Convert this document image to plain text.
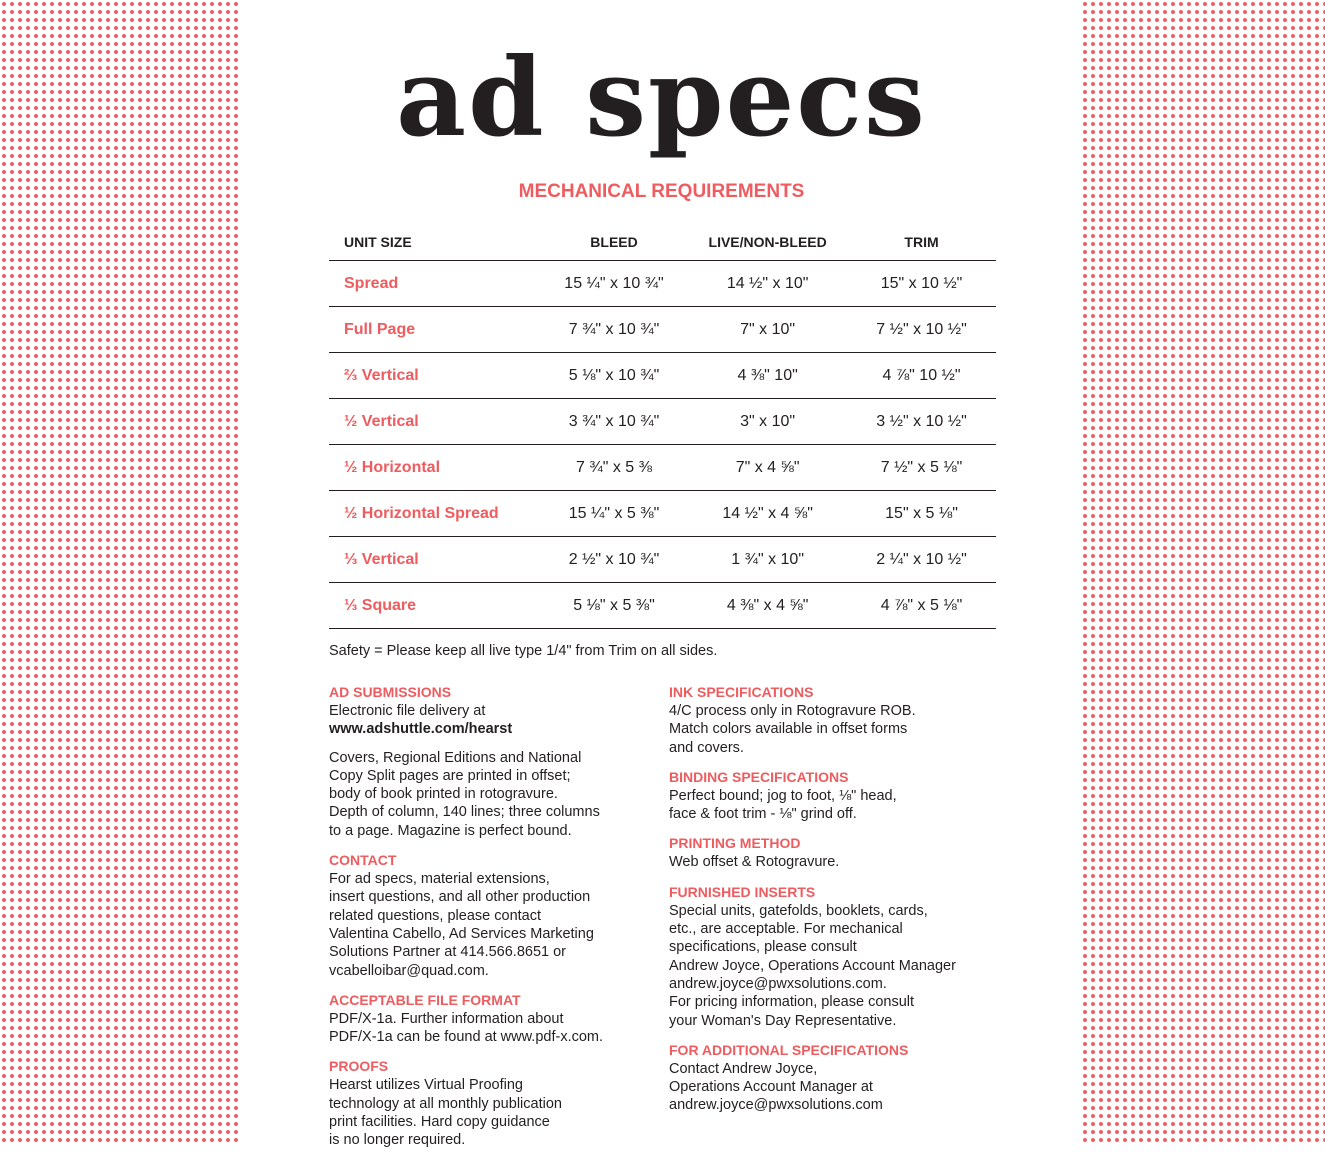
ad specs
MECHANICAL REQUIREMENTS
UNIT SIZE	BLEED	LIVE/NON-BLEED	TRIM
Spread	15 ¼" x 10 ¾"	14 ½" x 10"	15" x 10 ½"
Full Page	7 ¾" x 10 ¾"	7" x 10"	7 ½" x 10 ½"
⅔ Vertical	5 ⅛" x 10 ¾"	4 ⅜" 10"	4 ⅞" 10 ½"
½ Vertical	3 ¾" x 10 ¾"	3" x 10"	3 ½" x 10 ½"
½ Horizontal	7 ¾" x 5 ⅜	7" x 4 ⅝"	7 ½" x 5 ⅛"
½ Horizontal Spread	15 ¼" x 5 ⅜"	14 ½" x 4 ⅝"	15" x 5 ⅛"
⅓ Vertical	2 ½" x 10 ¾"	1 ¾" x 10"	2 ¼" x 10 ½"
⅓ Square	5 ⅛" x 5 ⅜"	4 ⅜" x 4 ⅝"	4 ⅞" x 5 ⅛"
Safety = Please keep all live type 1/4" from Trim on all sides.
AD SUBMISSIONS

Electronic file delivery at

www.adshuttle.com/hearst

Covers, Regional Editions and National
Copy Split pages are printed in offset;
body of book printed in rotogravure.
Depth of column, 140 lines; three columns
to a page. Magazine is perfect bound.

CONTACT

For ad specs, material extensions,
insert questions, and all other production
related questions, please contact
Valentina Cabello, Ad Services Marketing
Solutions Partner at 414.566.8651 or
vcabelloibar@quad.com.

ACCEPTABLE FILE FORMAT

PDF/X-1a. Further information about
PDF/X-1a can be found at www.pdf-x.com.

PROOFS

Hearst utilizes Virtual Proofing
technology at all monthly publication
print facilities. Hard copy guidance
is no longer required.

INK SPECIFICATIONS

4/C process only in Rotogravure ROB.
Match colors available in offset forms
and covers.

BINDING SPECIFICATIONS

Perfect bound; jog to foot, ⅛" head,
face & foot trim - ⅛" grind off.

PRINTING METHOD

Web offset & Rotogravure.

FURNISHED INSERTS

Special units, gatefolds, booklets, cards,
etc., are acceptable. For mechanical
specifications, please consult
Andrew Joyce, Operations Account Manager
andrew.joyce@pwxsolutions.com.
For pricing information, please consult
your Woman's Day Representative.

FOR ADDITIONAL SPECIFICATIONS

Contact Andrew Joyce,
Operations Account Manager at
andrew.joyce@pwxsolutions.com
